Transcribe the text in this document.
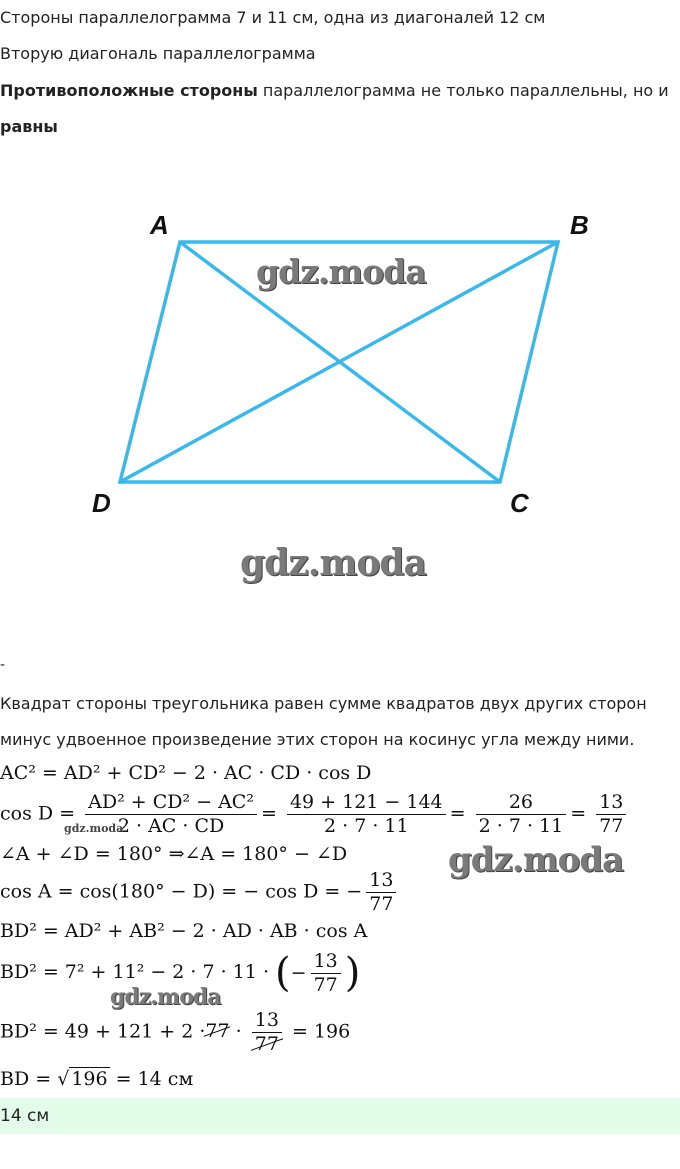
Стороны параллелограмма 7 и 11 см, одна из диагоналей 12 см
Вторую диагональ параллелограмма
Противоположные стороны параллелограмма не только параллельны, но и
равны
A	B
C
D
gdz.moda
gdz.moda
-
Квадрат стороны треугольника равен сумме квадратов двух других сторон
минус удвоенное произведение этих сторон на косинус угла между ними.
AC² = AD² + CD² − 2 · AC · CD · cos D
$\cos D = \frac{\text{AD² + CD² − AC²}}{2 \cdot AC \cdot CD} = \frac{49 + 121 - 144}{2 \cdot 7 \cdot 11} = \frac{26}{2 \cdot 7 \cdot 11} = \frac{13}{77}$
gdz.moda
∠A + ∠D = 180° ⇒∠A = 180° − ∠D	gdz.moda
cos A = cos(180° − D) = − cos D = − $\frac{13}{77}$
BD² = AD² + AB² − 2 · AD · AB · cos A
BD² = 7² + 11² − 2 · 7 · 11 · (− $\frac{13}{77}$ )
gdz.moda
$BD^2 = 49 + 121 + 2 \cdot 77 \cdot \frac{13}{77} = 196$
BD = √ 196 = 14 см
14 см
